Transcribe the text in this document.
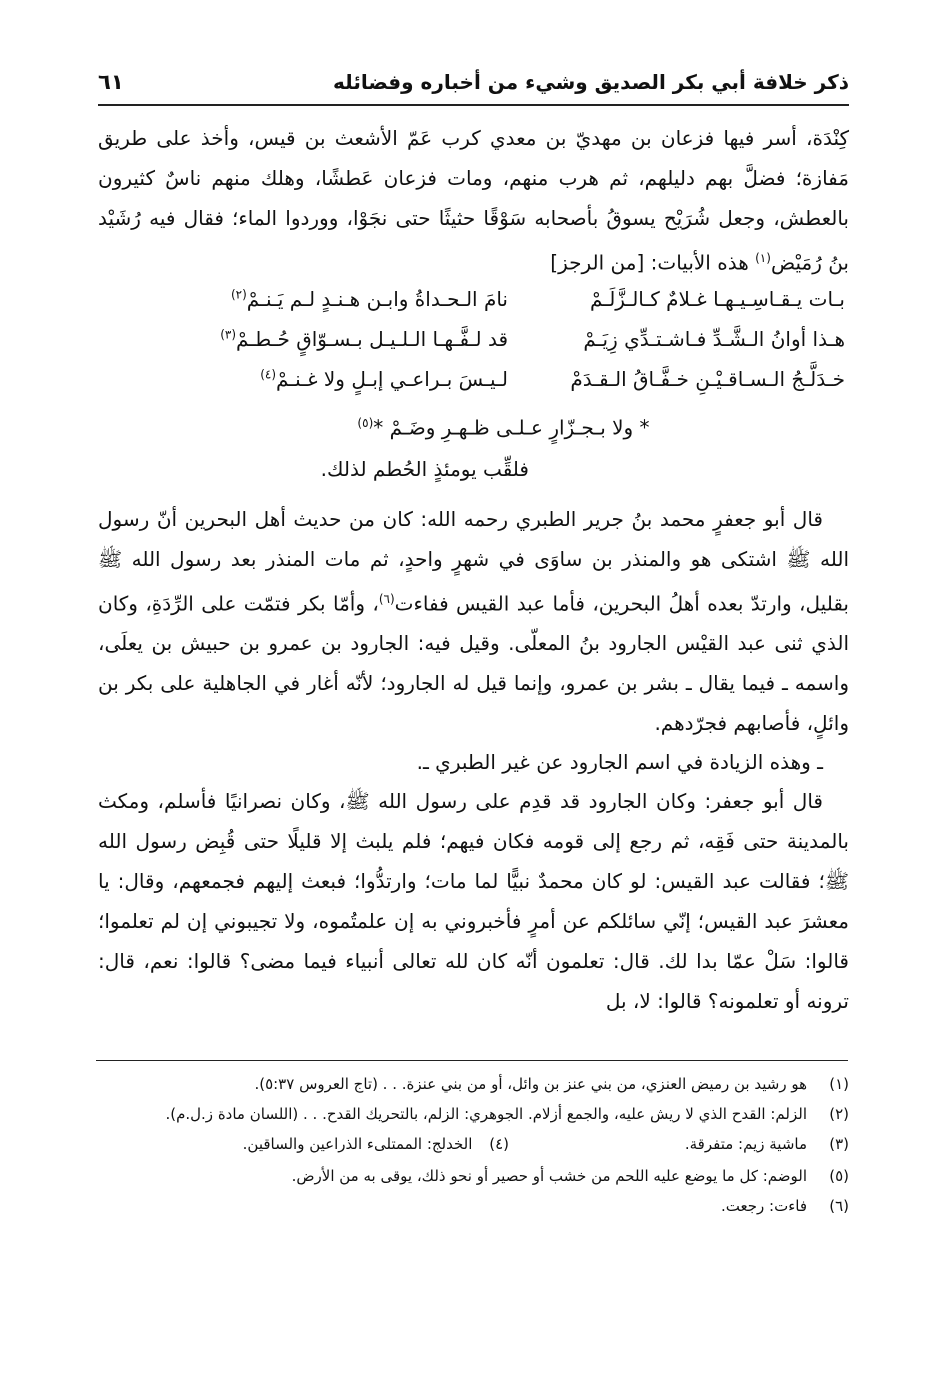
ذكر خلافة أبي بكر الصديق وشيء من أخباره وفضائله
٦١

كِنْدَة، أسر فيها فزعان بن مهديّ بن معدي كرب عَمّ الأشعث بن قيس، وأخذ على طريق مَفازة؛ فضلَّ بهم دليلهم، ثم هرب منهم، ومات فزعان عَطشًا، وهلك منهم ناسٌ كثيرون بالعطش، وجعل شُرَيْح يسوقُ بأصحابه سَوْقًا حثيثًا حتى نجَوْا، ووردوا الماء؛ فقال فيه رُشَيْد بنُ رُمَيْض$^{(١)}$ هذه الأبيات: [من الرجز]

بـات يـقـاسِـيـهـا غـلامٌ كـالـزَّلَـمْ
نامَ الـحـداةُ وابـن هـنـدٍ لـم يَـنـمْ$^{(٢)}$
هـذا أوانُ الـشَّـدِّ فـاشـتـدِّي زِيَـمْ
قد لـفَّـهـا الـلـيـل بـسـوّاقٍ حُـطـمْ$^{(٣)}$
خـدَلَّـجُ الـسـاقـيْـنِ خـفَّـاقُ الـقـدَمْ
لـيـسَ بـراعـي إبـلٍ ولا غـنـمْ$^{(٤)}$
* ولا بـجـزّارٍ عـلـى ظـهـرِ وضَـمْ *$^{(٥)}$

فلقِّب يومئذٍ الحُطم لذلك.

قال أبو جعفرٍ محمد بنُ جرير الطبري رحمه الله: كان من حديث أهل البحرين أنّ رسول الله ﷺ اشتكى هو والمنذر بن ساوَى في شهرٍ واحدٍ، ثم مات المنذر بعد رسول الله ﷺ بقليل، وارتدّ بعده أهلُ البحرين، فأما عبد القيس ففاءت$^{(٦)}$، وأمّا بكر فتمّت على الرِّدَةِ، وكان الذي ثنى عبد القيْس الجارود بنُ المعلّى. وقيل فيه: الجارود بن عمرو بن حبيش بن يعلَى، واسمه ـ فيما يقال ـ بشر بن عمرو، وإنما قيل له الجارود؛ لأنّه أغار في الجاهلية على بكر بن وائلٍ، فأصابهم فجرّدهم.

ـ وهذه الزيادة في اسم الجارود عن غير الطبري ـ.

قال أبو جعفر: وكان الجارود قد قدِم على رسول الله ﷺ، وكان نصرانيًا فأسلم، ومكث بالمدينة حتى فَقِه، ثم رجع إلى قومه فكان فيهم؛ فلم يلبث إلا قليلًا حتى قُبِض رسول الله ﷺ؛ فقالت عبد القيس: لو كان محمدٌ نبيًّا لما مات؛ وارتدُّوا؛ فبعث إليهم فجمعهم، وقال: يا معشرَ عبد القيس؛ إنّي سائلكم عن أمرٍ فأخبروني به إن علمتُموه، ولا تجيبوني إن لم تعلموا؛ قالوا: سَلْ عمّا بدا لك. قال: تعلمون أنّه كان لله تعالى أنبياء فيما مضى؟ قالوا: نعم، قال: ترونه أو تعلمونه؟ قالوا: لا، بل

(١)
هو رشيد بن رميض العنزي، من بني عنز بن وائل، أو من بني عنزة. . . (تاج العروس ٥:٣٧).
(٢)
الزلم: القدح الذي لا ريش عليه، والجمع أزلام. الجوهري: الزلم، بالتحريك القدح. . . (اللسان مادة ز.ل.م).
(٣)
ماشية زيم: متفرقة.
(٤) الخدلج: الممتلىء الذراعين والساقين.
(٥)
الوضم: كل ما يوضع عليه اللحم من خشب أو حصير أو نحو ذلك، يوقى به من الأرض.
(٦)
فاءت: رجعت.
